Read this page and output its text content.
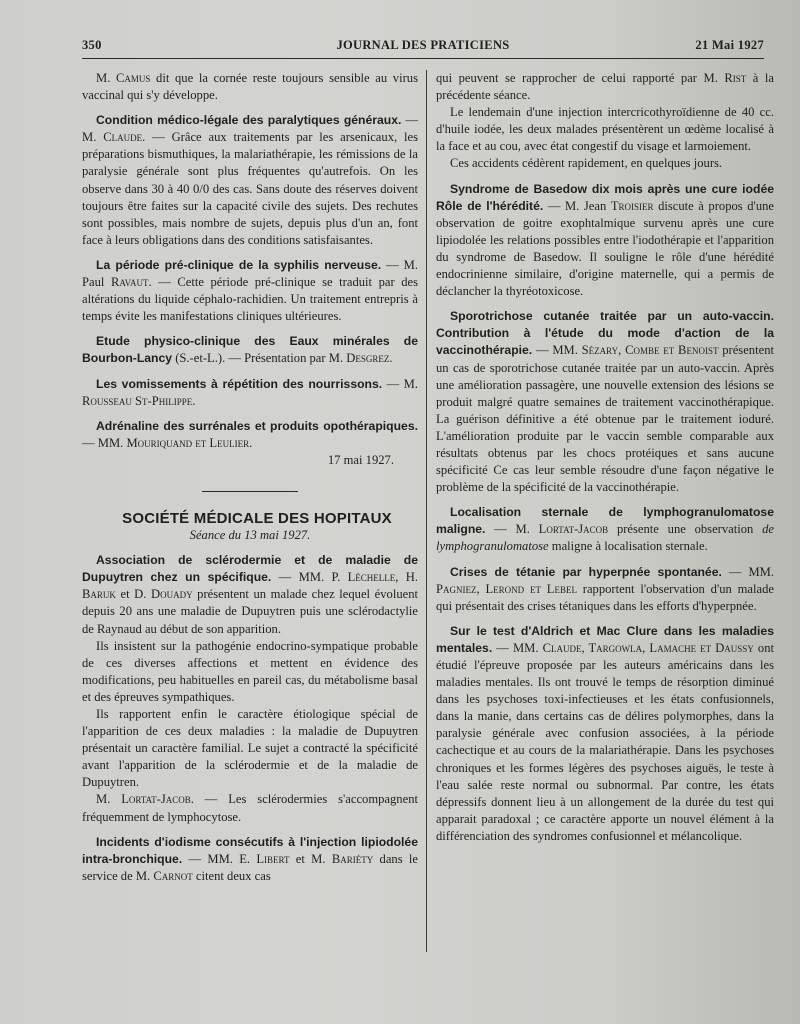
350	JOURNAL DES PRATICIENS	21 Mai 1927

M. Camus dit que la cornée reste toujours sensible au virus vaccinal qui s'y développe.

Condition médico-légale des paralytiques généraux. — M. Claude. — Grâce aux traitements par les arsenicaux, les préparations bismuthiques, la malariathérapie, les rémissions de la paralysie générale sont plus fréquentes qu'autrefois. On les observe dans 30 à 40 0/0 des cas. Sans doute des réserves doivent toujours être faites sur la capacité civile des sujets. Des rechutes sont possibles, mais nombre de sujets, depuis plus d'un an, font face à leurs obligations dans des conditions satisfaisantes.

La période pré-clinique de la syphilis nerveuse. — M. Paul Ravaut. — Cette période pré-clinique se traduit par des altérations du liquide céphalo-rachidien. Un traitement entrepris à temps évite les manifestations cliniques ultérieures.

Etude physico-clinique des Eaux minérales de Bourbon-Lancy (S.-et-L.). — Présentation par M. Desgrez.

Les vomissements à répétition des nourrissons. — M. Rousseau St-Philippe.

Adrénaline des surrénales et produits opothérapiques. — MM. Mouriquand et Leulier.

17 mai 1927.

SOCIÉTÉ MÉDICALE DES HOPITAUX

Séance du 13 mai 1927.

Association de sclérodermie et de maladie de Dupuytren chez un spécifique. — MM. P. Léchelle, H. Baruk et D. Douady présentent un malade chez lequel évoluent depuis 20 ans une maladie de Dupuytren puis une sclérodactylie de Raynaud au début de son apparition.

Ils insistent sur la pathogénie endocrino-sympatique probable de ces diverses affections et mettent en évidence des modifications, peu habituelles en pareil cas, du métabolisme basal et des épreuves sympathiques.

Ils rapportent enfin le caractère étiologique spécial de l'apparition de ces deux maladies : la maladie de Dupuytren présentait un caractère familial. Le sujet a contracté la spécificité avant l'apparition de la sclérodermie et de la maladie de Dupuytren.

M. Lortat-Jacob. — Les sclérodermies s'accompagnent fréquemment de lymphocytose.

Incidents d'iodisme consécutifs à l'injection lipiodolée intra-bronchique. — MM. E. Libert et M. Bariéty dans le service de M. Carnot citent deux cas

qui peuvent se rapprocher de celui rapporté par M. Rist à la précédente séance.

Le lendemain d'une injection intercricothyroïdienne de 40 cc. d'huile iodée, les deux malades présentèrent un œdème localisé à la face et au cou, avec état congestif du visage et larmoiement.

Ces accidents cédèrent rapidement, en quelques jours.

Syndrome de Basedow dix mois après une cure iodée Rôle de l'hérédité. — M. Jean Troisier discute à propos d'une observation de goitre exophtalmique survenu après une cure lipiodolée les relations possibles entre l'iodothérapie et l'apparition du syndrome de Basedow. Il souligne le rôle d'une hérédité endocrinienne similaire, d'origine maternelle, qui a permis de déclancher la thyréotoxicose.

Sporotrichose cutanée traitée par un auto-vaccin. Contribution à l'étude du mode d'action de la vaccinothérapie. — MM. Sézary, Combe et Benoist présentent un cas de sporotrichose cutanée traitée par un auto-vaccin. Après une amélioration passagère, une nouvelle extension des lésions se produit malgré quatre semaines de traitement vaccinothérapique. La guérison définitive a été obtenue par le traitement ioduré. L'amélioration produite par le vaccin semble comparable aux résultats obtenus par les chocs protéiques et sans aucune spécificité Ce cas leur semble résoudre d'une façon négative le problème de la spécificité de la vaccinothérapie.

Localisation sternale de lymphogranulomatose maligne. — M. Lortat-Jacob présente une observation de lymphogranulomatose maligne à localisation sternale.

Crises de tétanie par hyperpnée spontanée. — MM. Pagniez, Lerond et Lebel rapportent l'observation d'un malade qui présentait des crises tétaniques dans les efforts d'hyperpnée.

Sur le test d'Aldrich et Mac Clure dans les maladies mentales. — MM. Claude, Targowla, Lamache et Daussy ont étudié l'épreuve proposée par les auteurs américains dans les maladies mentales. Ils ont trouvé le temps de résorption diminué dans les psychoses toxi-infectieuses et les états confusionnels, dans la manie, dans certains cas de délires polymorphes, dans la paralysie générale avec confusion associées, à la période cachectique et au cours de la malariathérapie. Dans les psychoses chroniques et les formes légères des psychoses aiguës, le teste à l'eau salée reste normal ou subnormal. Par contre, les états dépressifs donnent lieu à un allongement de la durée du test qui apparait paradoxal ; ce caractère apporte un nouvel élément à la différenciation des syndromes confusionnel et mélancolique.
